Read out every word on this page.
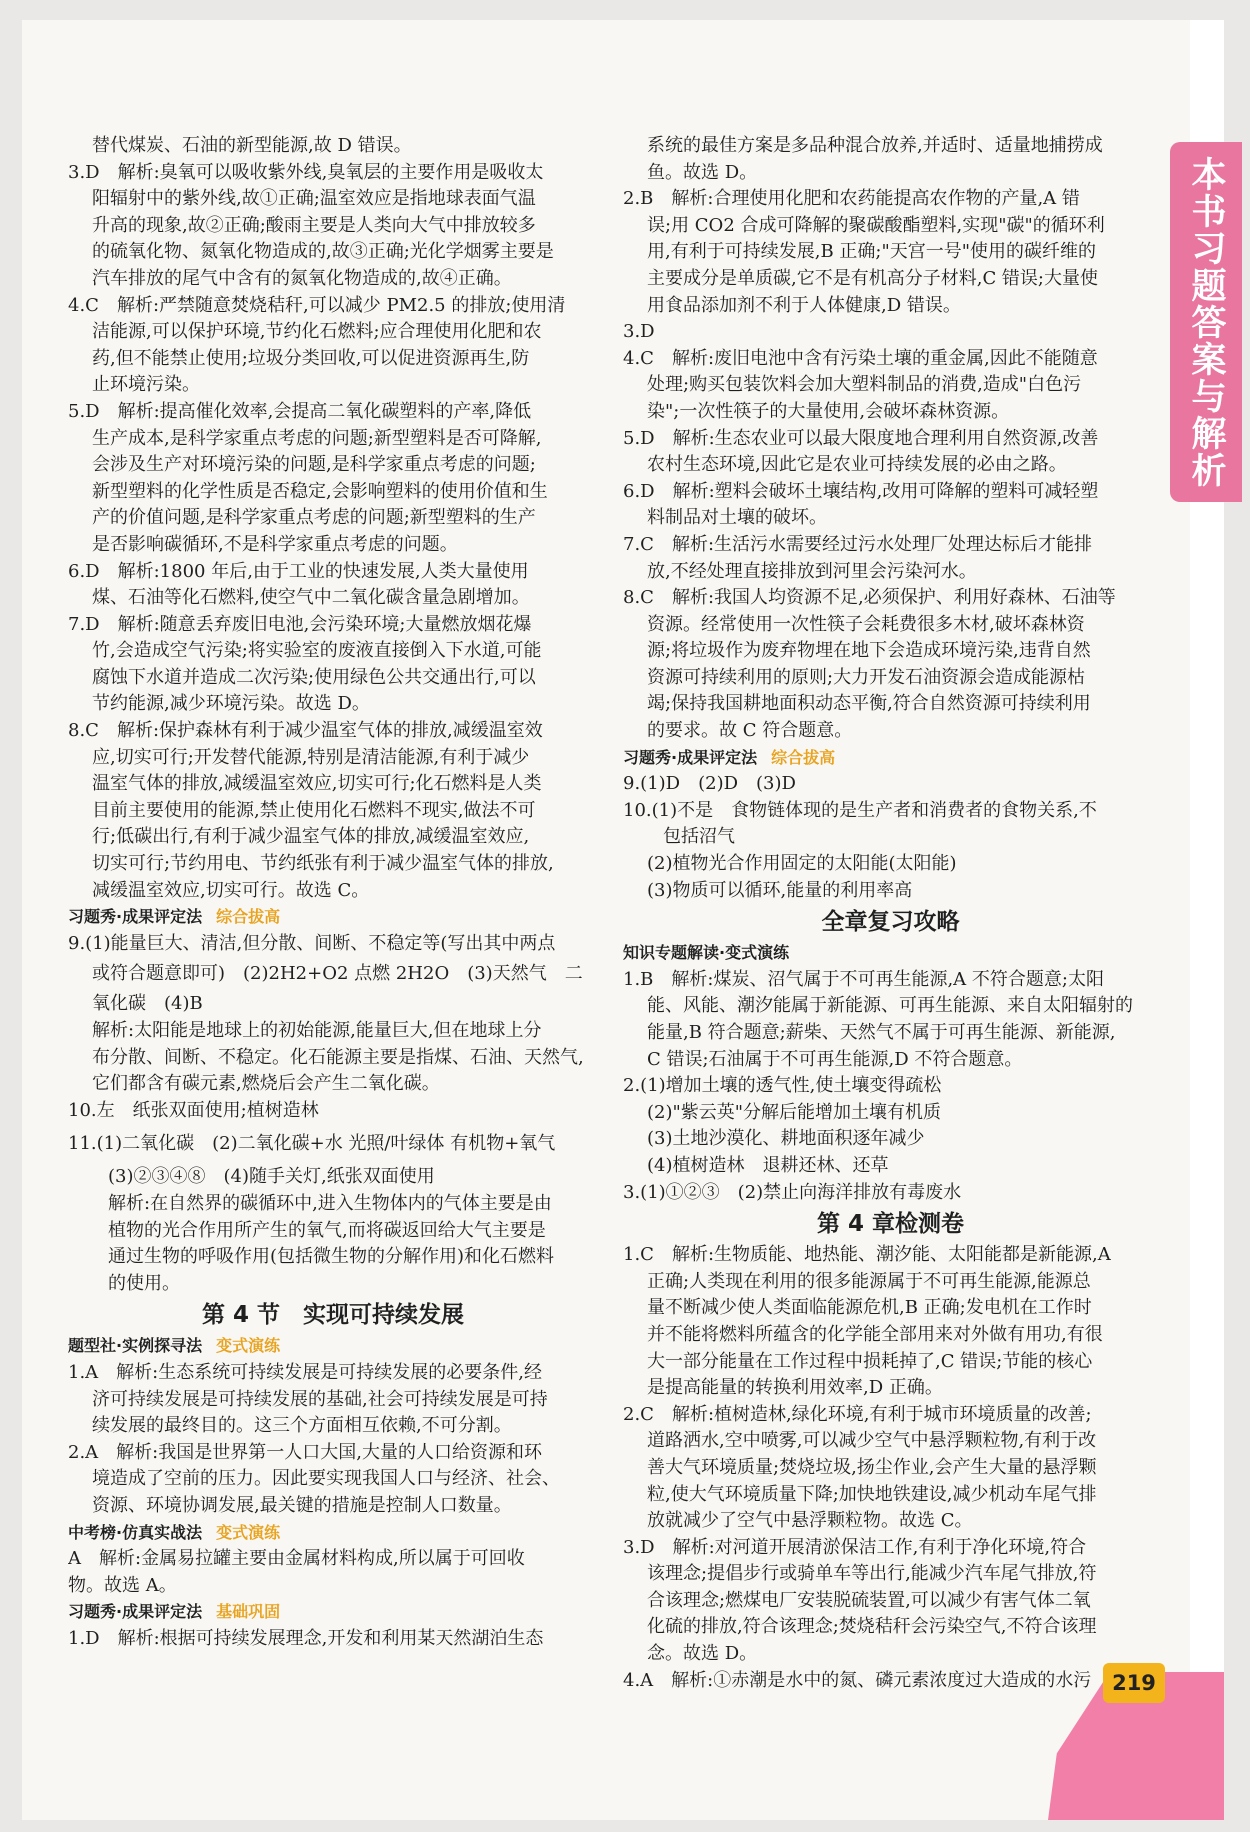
本书习题答案与解析
219
替代煤炭、石油的新型能源,故 D 错误。
3.D　解析:臭氧可以吸收紫外线,臭氧层的主要作用是吸收太
阳辐射中的紫外线,故①正确;温室效应是指地球表面气温
升高的现象,故②正确;酸雨主要是人类向大气中排放较多
的硫氧化物、氮氧化物造成的,故③正确;光化学烟雾主要是
汽车排放的尾气中含有的氮氧化物造成的,故④正确。
4.C　解析:严禁随意焚烧秸秆,可以减少 PM2.5 的排放;使用清
洁能源,可以保护环境,节约化石燃料;应合理使用化肥和农
药,但不能禁止使用;垃圾分类回收,可以促进资源再生,防
止环境污染。
5.D　解析:提高催化效率,会提高二氧化碳塑料的产率,降低
生产成本,是科学家重点考虑的问题;新型塑料是否可降解,
会涉及生产对环境污染的问题,是科学家重点考虑的问题;
新型塑料的化学性质是否稳定,会影响塑料的使用价值和生
产的价值问题,是科学家重点考虑的问题;新型塑料的生产
是否影响碳循环,不是科学家重点考虑的问题。
6.D　解析:1800 年后,由于工业的快速发展,人类大量使用
煤、石油等化石燃料,使空气中二氧化碳含量急剧增加。
7.D　解析:随意丢弃废旧电池,会污染环境;大量燃放烟花爆
竹,会造成空气污染;将实验室的废液直接倒入下水道,可能
腐蚀下水道并造成二次污染;使用绿色公共交通出行,可以
节约能源,减少环境污染。故选 D。
8.C　解析:保护森林有利于减少温室气体的排放,减缓温室效
应,切实可行;开发替代能源,特别是清洁能源,有利于减少
温室气体的排放,减缓温室效应,切实可行;化石燃料是人类
目前主要使用的能源,禁止使用化石燃料不现实,做法不可
行;低碳出行,有利于减少温室气体的排放,减缓温室效应,
切实可行;节约用电、节约纸张有利于减少温室气体的排放,
减缓温室效应,切实可行。故选 C。
习题秀·成果评定法 综合拔高
9.(1)能量巨大、清洁,但分散、间断、不稳定等(写出其中两点
或符合题意即可)　(2)2H2+O2 点燃 2H2O　(3)天然气　二
氧化碳　(4)B
解析:太阳能是地球上的初始能源,能量巨大,但在地球上分
布分散、间断、不稳定。化石能源主要是指煤、石油、天然气,
它们都含有碳元素,燃烧后会产生二氧化碳。
10.左　纸张双面使用;植树造林
11.(1)二氧化碳　(2)二氧化碳+水 光照/叶绿体 有机物+氧气
(3)②③④⑧　(4)随手关灯,纸张双面使用
解析:在自然界的碳循环中,进入生物体内的气体主要是由
植物的光合作用所产生的氧气,而将碳返回给大气主要是
通过生物的呼吸作用(包括微生物的分解作用)和化石燃料
的使用。
第 4 节　实现可持续发展
题型社·实例探寻法 变式演练
1.A　解析:生态系统可持续发展是可持续发展的必要条件,经
济可持续发展是可持续发展的基础,社会可持续发展是可持
续发展的最终目的。这三个方面相互依赖,不可分割。
2.A　解析:我国是世界第一人口大国,大量的人口给资源和环
境造成了空前的压力。因此要实现我国人口与经济、社会、
资源、环境协调发展,最关键的措施是控制人口数量。
中考榜·仿真实战法 变式演练
A　解析:金属易拉罐主要由金属材料构成,所以属于可回收
物。故选 A。
习题秀·成果评定法 基础巩固
1.D　解析:根据可持续发展理念,开发和利用某天然湖泊生态
系统的最佳方案是多品种混合放养,并适时、适量地捕捞成
鱼。故选 D。
2.B　解析:合理使用化肥和农药能提高农作物的产量,A 错
误;用 CO2 合成可降解的聚碳酸酯塑料,实现"碳"的循环利
用,有利于可持续发展,B 正确;"天宫一号"使用的碳纤维的
主要成分是单质碳,它不是有机高分子材料,C 错误;大量使
用食品添加剂不利于人体健康,D 错误。
3.D
4.C　解析:废旧电池中含有污染土壤的重金属,因此不能随意
处理;购买包装饮料会加大塑料制品的消费,造成"白色污
染";一次性筷子的大量使用,会破坏森林资源。
5.D　解析:生态农业可以最大限度地合理利用自然资源,改善
农村生态环境,因此它是农业可持续发展的必由之路。
6.D　解析:塑料会破坏土壤结构,改用可降解的塑料可减轻塑
料制品对土壤的破坏。
7.C　解析:生活污水需要经过污水处理厂处理达标后才能排
放,不经处理直接排放到河里会污染河水。
8.C　解析:我国人均资源不足,必须保护、利用好森林、石油等
资源。经常使用一次性筷子会耗费很多木材,破坏森林资
源;将垃圾作为废弃物埋在地下会造成环境污染,违背自然
资源可持续利用的原则;大力开发石油资源会造成能源枯
竭;保持我国耕地面积动态平衡,符合自然资源可持续利用
的要求。故 C 符合题意。
习题秀·成果评定法 综合拔高
9.(1)D　(2)D　(3)D
10.(1)不是　食物链体现的是生产者和消费者的食物关系,不
包括沼气
(2)植物光合作用固定的太阳能(太阳能)
(3)物质可以循环,能量的利用率高
全章复习攻略
知识专题解读·变式演练
1.B　解析:煤炭、沼气属于不可再生能源,A 不符合题意;太阳
能、风能、潮汐能属于新能源、可再生能源、来自太阳辐射的
能量,B 符合题意;薪柴、天然气不属于可再生能源、新能源,
C 错误;石油属于不可再生能源,D 不符合题意。
2.(1)增加土壤的透气性,使土壤变得疏松
(2)"紫云英"分解后能增加土壤有机质
(3)土地沙漠化、耕地面积逐年减少
(4)植树造林　退耕还林、还草
3.(1)①②③　(2)禁止向海洋排放有毒废水
第 4 章检测卷
1.C　解析:生物质能、地热能、潮汐能、太阳能都是新能源,A
正确;人类现在利用的很多能源属于不可再生能源,能源总
量不断减少使人类面临能源危机,B 正确;发电机在工作时
并不能将燃料所蕴含的化学能全部用来对外做有用功,有很
大一部分能量在工作过程中损耗掉了,C 错误;节能的核心
是提高能量的转换利用效率,D 正确。
2.C　解析:植树造林,绿化环境,有利于城市环境质量的改善;
道路洒水,空中喷雾,可以减少空气中悬浮颗粒物,有利于改
善大气环境质量;焚烧垃圾,扬尘作业,会产生大量的悬浮颗
粒,使大气环境质量下降;加快地铁建设,减少机动车尾气排
放就减少了空气中悬浮颗粒物。故选 C。
3.D　解析:对河道开展清淤保洁工作,有利于净化环境,符合
该理念;提倡步行或骑单车等出行,能减少汽车尾气排放,符
合该理念;燃煤电厂安装脱硫装置,可以减少有害气体二氧
化硫的排放,符合该理念;焚烧秸秆会污染空气,不符合该理
念。故选 D。
4.A　解析:①赤潮是水中的氮、磷元素浓度过大造成的水污
